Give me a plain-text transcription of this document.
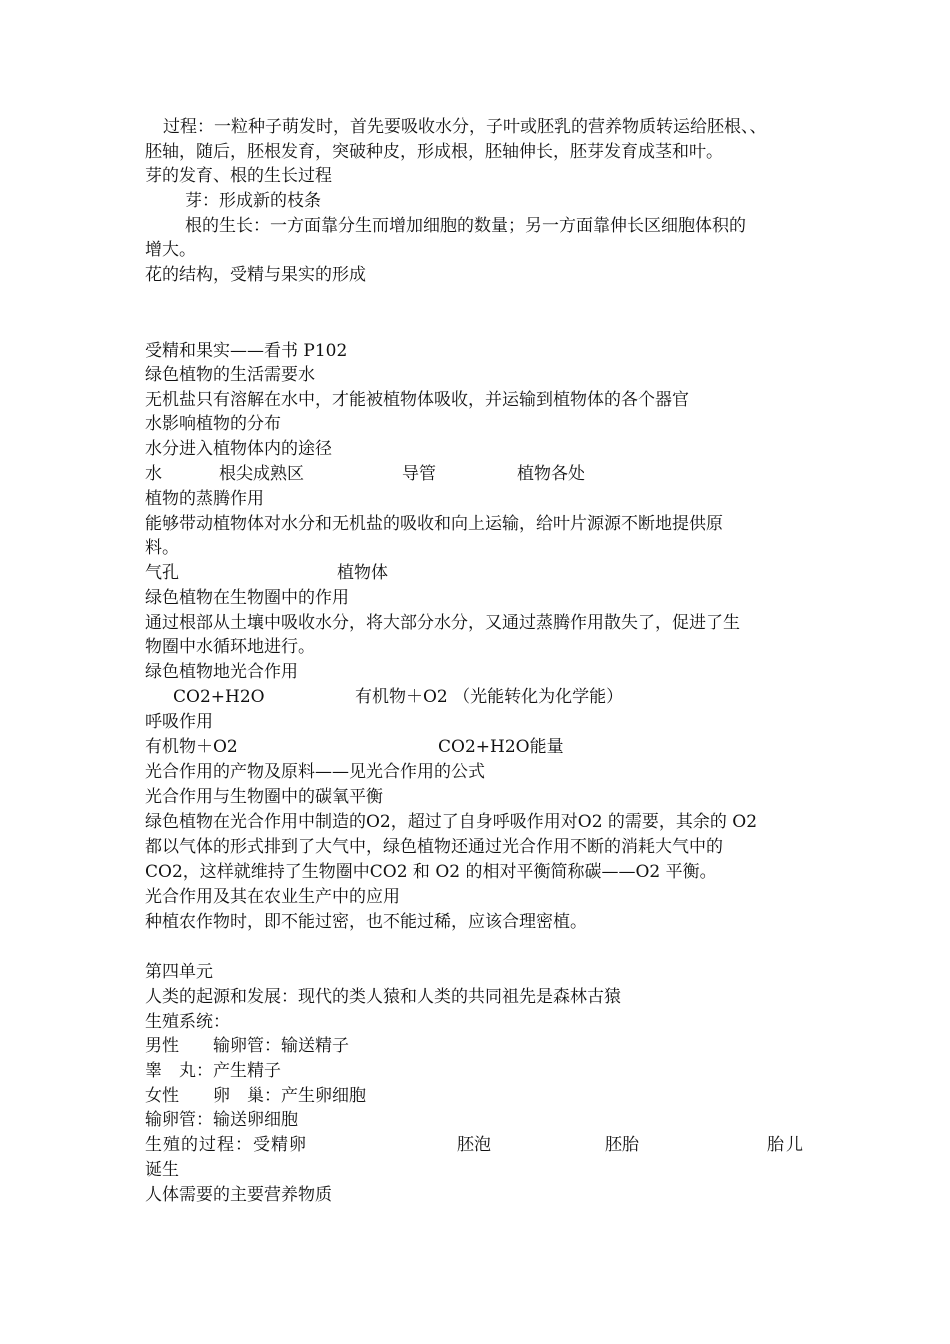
过程：一粒种子萌发时，首先要吸收水分，子叶或胚乳的营养物质转运给胚根、、
胚轴，随后，胚根发育，突破种皮，形成根，胚轴伸长，胚芽发育成茎和叶。
芽的发育、根的生长过程
芽：形成新的枝条
根的生长：一方面靠分生而增加细胞的数量；另一方面靠伸长区细胞体积的
增大。
花的结构，受精与果实的形成
受精和果实——看书 P102
绿色植物的生活需要水
无机盐只有溶解在水中，才能被植物体吸收，并运输到植物体的各个器官
水影响植物的分布
水分进入植物体内的途径
水	根尖成熟区	导管	植物各处
植物的蒸腾作用
能够带动植物体对水分和无机盐的吸收和向上运输，给叶片源源不断地提供原
料。
气孔	植物体
绿色植物在生物圈中的作用
通过根部从土壤中吸收水分，将大部分水分，又通过蒸腾作用散失了，促进了生
物圈中水循环地进行。
绿色植物地光合作用
CO2+H2O	有机物＋O2 （光能转化为化学能）
呼吸作用
有机物＋O2	CO2+H2O能量
光合作用的产物及原料——见光合作用的公式
光合作用与生物圈中的碳氧平衡
绿色植物在光合作用中制造的O2，超过了自身呼吸作用对O2 的需要，其余的 O2
都以气体的形式排到了大气中，绿色植物还通过光合作用不断的消耗大气中的
CO2，这样就维持了生物圈中CO2 和 O2 的相对平衡简称碳——O2 平衡。
光合作用及其在农业生产中的应用
种植农作物时，即不能过密，也不能过稀，应该合理密植。
第四单元
人类的起源和发展：现代的类人猿和人类的共同祖先是森林古猿
生殖系统：
男性 输卵管：输送精子
睾　丸：产生精子
女性 卵　巢：产生卵细胞
输卵管：输送卵细胞
生殖的过程：受精卵	胚泡	胚胎	胎儿
诞生
人体需要的主要营养物质
